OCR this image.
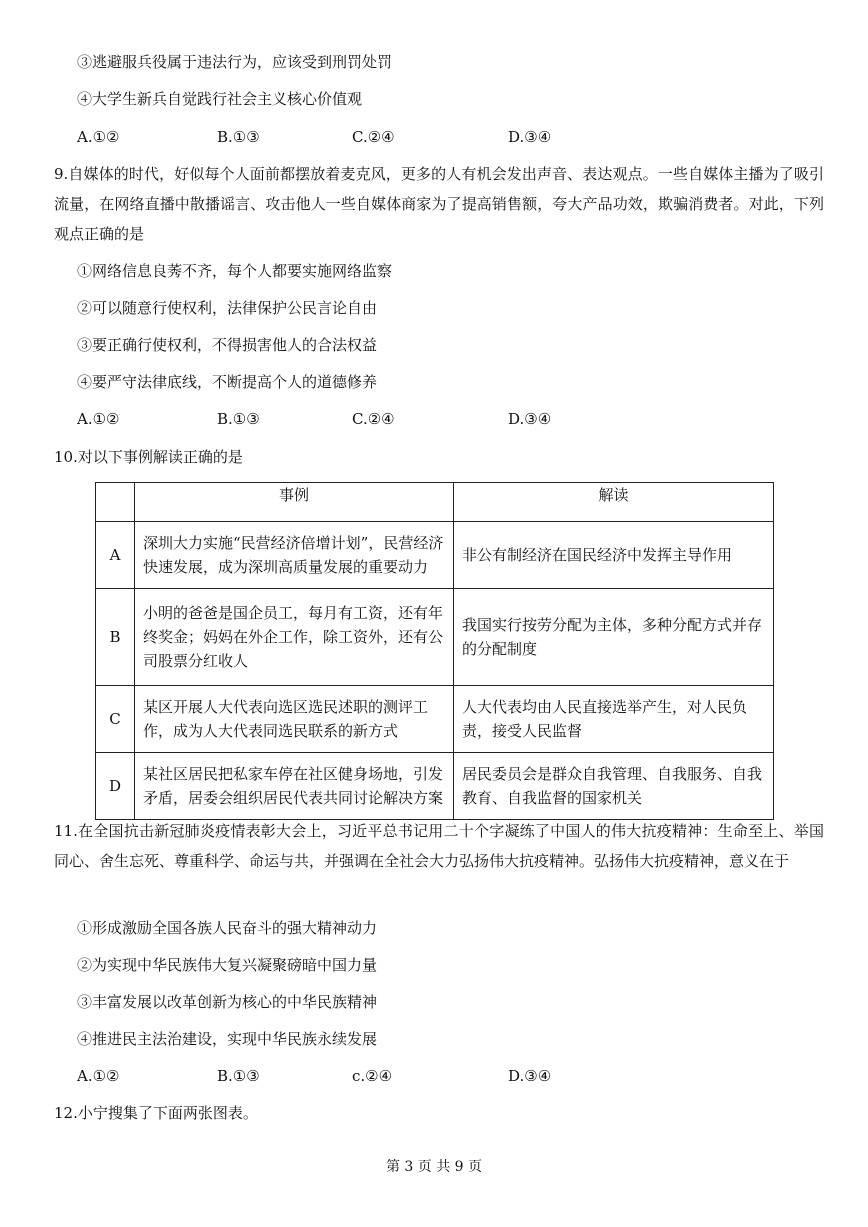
③逃避服兵役属于违法行为，应该受到刑罚处罚
④大学生新兵自觉践行社会主义核心价值观
A.①②	B.①③	C.②④	D.③④
9.自媒体的时代，好似每个人面前都摆放着麦克风，更多的人有机会发出声音、表达观点。一些自媒体主播为了吸引流量，在网络直播中散播谣言、攻击他人一些自媒体商家为了提高销售额，夸大产品功效，欺骗消费者。对此，下列观点正确的是
①网络信息良莠不齐，每个人都要实施网络监察
②可以随意行使权利，法律保护公民言论自由
③要正确行使权利，不得损害他人的合法权益
④要严守法律底线，不断提高个人的道德修养
A.①②	B.①③	C.②④	D.③④
10.对以下事例解读正确的是
	事例	解读
A	深圳大力实施“民营经济倍增计划”，民营经济快速发展，成为深圳高质量发展的重要动力	非公有制经济在国民经济中发挥主导作用
B	小明的爸爸是国企员工，每月有工资，还有年终奖金；妈妈在外企工作，除工资外，还有公司股票分红收人	我国实行按劳分配为主体，多种分配方式并存的分配制度
C	某区开展人大代表向选区选民述职的测评工作，成为人大代表同选民联系的新方式	人大代表均由人民直接选举产生，对人民负责，接受人民监督
D	某社区居民把私家车停在社区健身场地，引发矛盾，居委会组织居民代表共同讨论解决方案	居民委员会是群众自我管理、自我服务、自我教育、自我监督的国家机关
11.在全国抗击新冠肺炎疫情表彰大会上，习近平总书记用二十个字凝练了中国人的伟大抗疫精神：生命至上、举国同心、舍生忘死、尊重科学、命运与共，并强调在全社会大力弘扬伟大抗疫精神。弘扬伟大抗疫精神，意义在于
①形成激励全国各族人民奋斗的强大精神动力
②为实现中华民族伟大复兴凝聚磅暗中国力量
③丰富发展以改革创新为核心的中华民族精神
④推进民主法治建设，实现中华民族永续发展
A.①②	B.①③	c.②④	D.③④
12.小宁搜集了下面两张图表。
第 3 页 共 9 页
